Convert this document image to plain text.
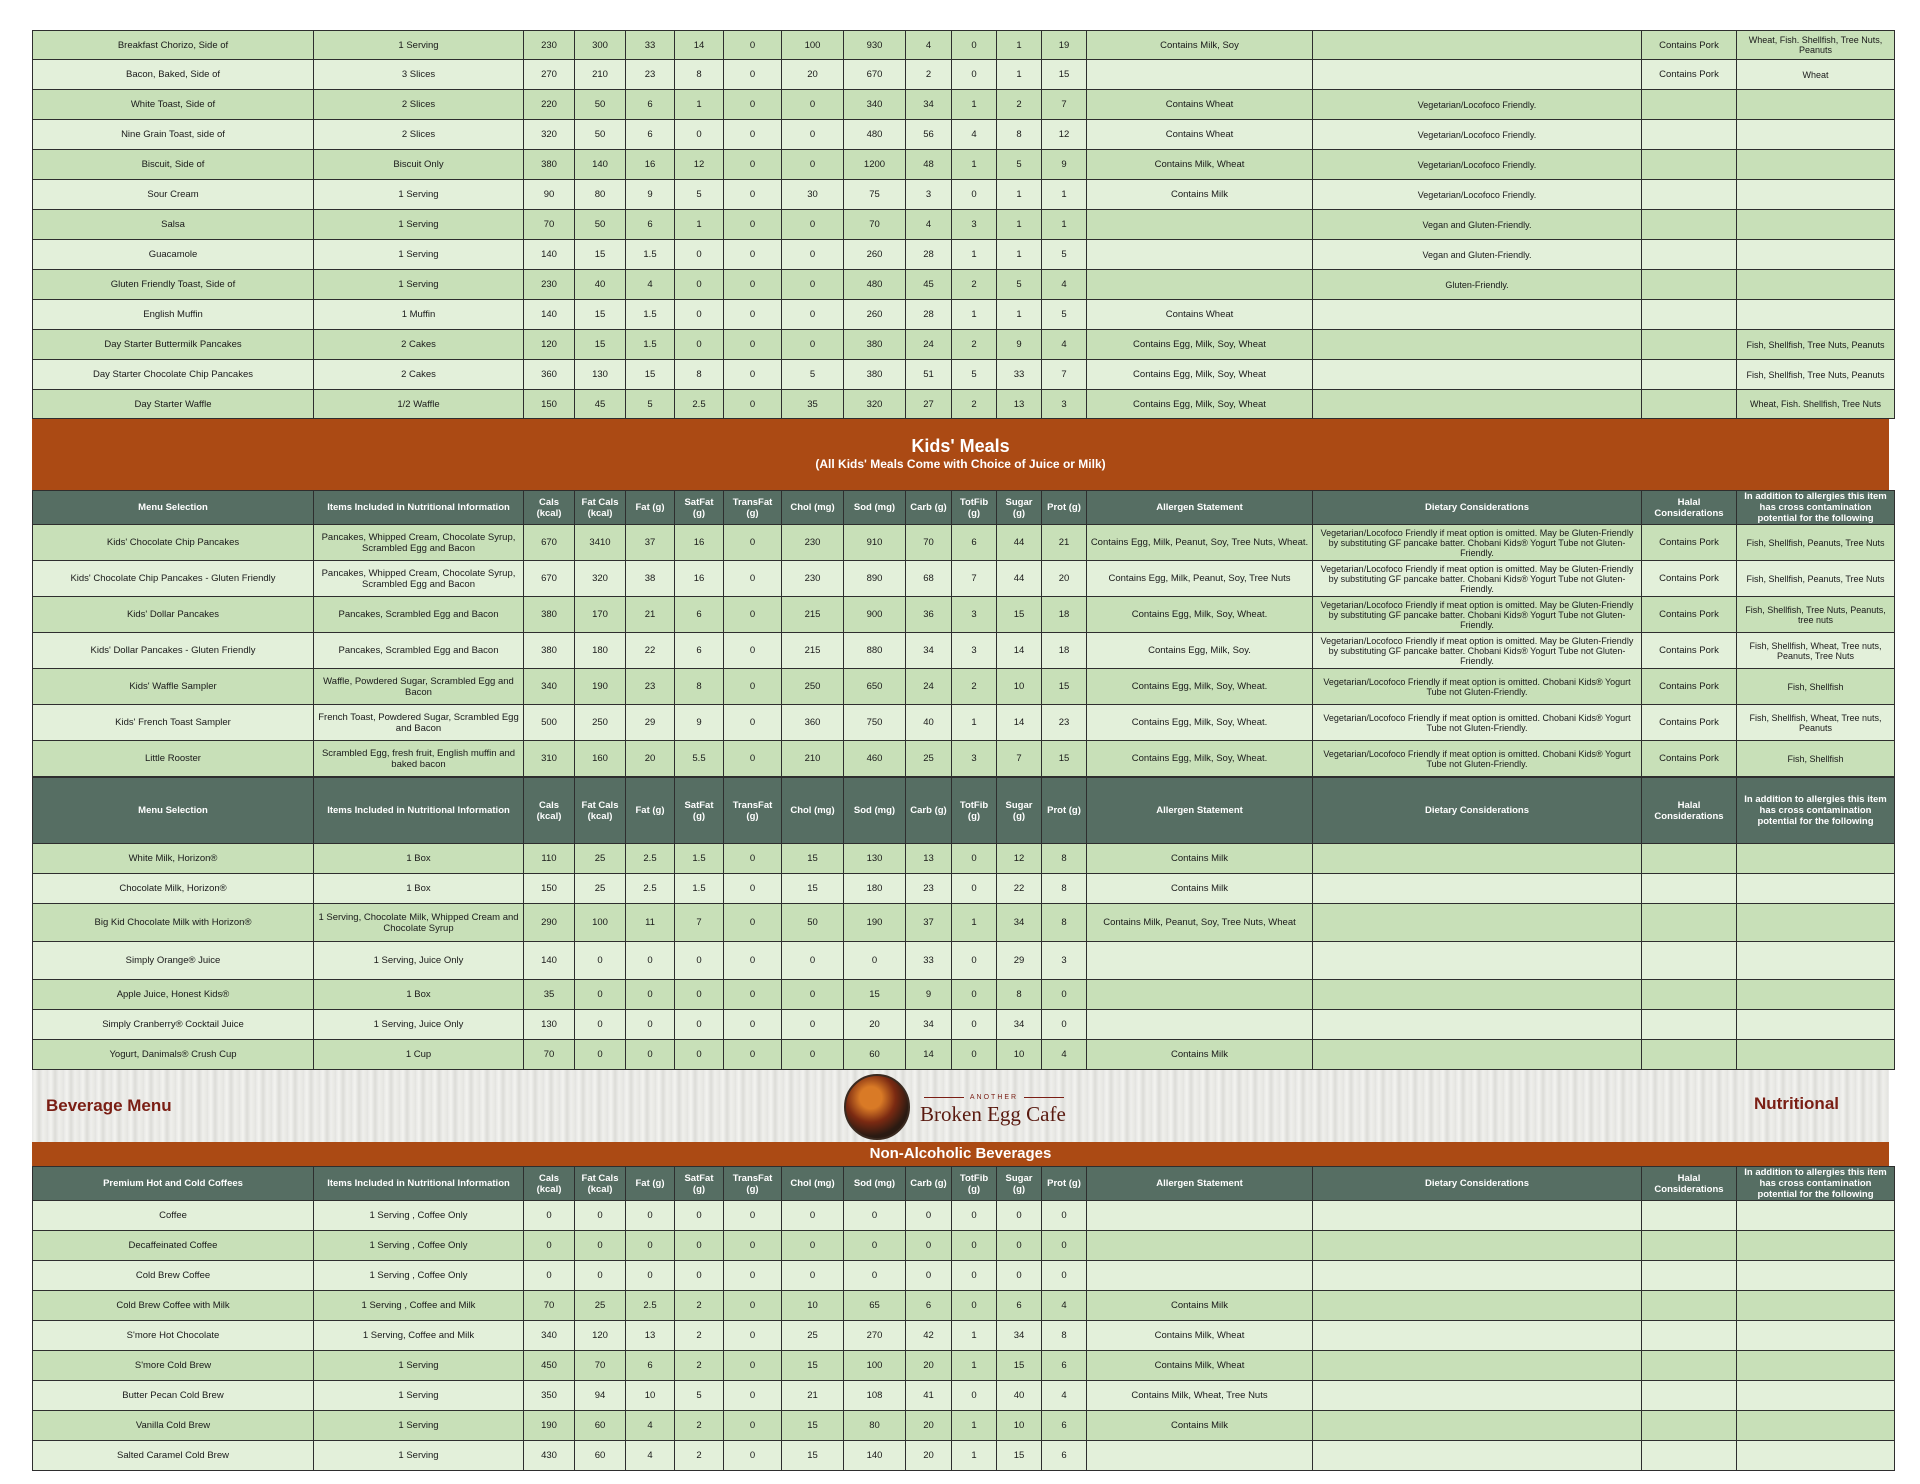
Breakfast Chorizo, Side of	1 Serving	230	300	33	14	0	100	930	4	0	1	19	Contains Milk, Soy		Contains Pork	Wheat, Fish. Shellfish, Tree Nuts, Peanuts
Bacon, Baked, Side of	3 Slices	270	210	23	8	0	20	670	2	0	1	15			Contains Pork	Wheat
White Toast, Side of	2 Slices	220	50	6	1	0	0	340	34	1	2	7	Contains Wheat	Vegetarian/Locofoco Friendly.		
Nine Grain Toast, side of	2 Slices	320	50	6	0	0	0	480	56	4	8	12	Contains Wheat	Vegetarian/Locofoco Friendly.		
Biscuit, Side of	Biscuit Only	380	140	16	12	0	0	1200	48	1	5	9	Contains Milk, Wheat	Vegetarian/Locofoco Friendly.		
Sour Cream	1 Serving	90	80	9	5	0	30	75	3	0	1	1	Contains Milk	Vegetarian/Locofoco Friendly.		
Salsa	1 Serving	70	50	6	1	0	0	70	4	3	1	1		Vegan and Gluten-Friendly.		
Guacamole	1 Serving	140	15	1.5	0	0	0	260	28	1	1	5		Vegan and Gluten-Friendly.		
Gluten Friendly Toast, Side of	1 Serving	230	40	4	0	0	0	480	45	2	5	4		Gluten-Friendly.		
English Muffin	1 Muffin	140	15	1.5	0	0	0	260	28	1	1	5	Contains Wheat			
Day Starter Buttermilk Pancakes	2 Cakes	120	15	1.5	0	0	0	380	24	2	9	4	Contains Egg, Milk, Soy, Wheat			Fish, Shellfish, Tree Nuts, Peanuts
Day Starter Chocolate Chip Pancakes	2 Cakes	360	130	15	8	0	5	380	51	5	33	7	Contains Egg, Milk, Soy, Wheat			Fish, Shellfish, Tree Nuts, Peanuts
Day Starter Waffle	1/2 Waffle	150	45	5	2.5	0	35	320	27	2	13	3	Contains Egg, Milk, Soy, Wheat			Wheat, Fish. Shellfish, Tree Nuts
Kids' Meals
(All Kids' Meals Come with Choice of Juice or Milk)
Menu Selection	Items Included in Nutritional Information	Cals (kcal)	Fat Cals (kcal)	Fat (g)	SatFat (g)	TransFat (g)	Chol (mg)	Sod (mg)	Carb (g)	TotFib (g)	Sugar (g)	Prot (g)	Allergen Statement	Dietary Considerations	Halal Considerations	In addition to allergies this item has cross contamination potential for the following
Kids' Chocolate Chip Pancakes	Pancakes, Whipped Cream, Chocolate Syrup, Scrambled Egg and Bacon	670	3410	37	16	0	230	910	70	6	44	21	Contains Egg, Milk, Peanut, Soy, Tree Nuts, Wheat.	Vegetarian/Locofoco Friendly if meat option is omitted. May be Gluten-Friendly by substituting GF pancake batter. Chobani Kids® Yogurt Tube not Gluten-Friendly.	Contains Pork	Fish, Shellfish, Peanuts, Tree Nuts
Kids' Chocolate Chip Pancakes - Gluten Friendly	Pancakes, Whipped Cream, Chocolate Syrup, Scrambled Egg and Bacon	670	320	38	16	0	230	890	68	7	44	20	Contains Egg, Milk, Peanut, Soy, Tree Nuts	Vegetarian/Locofoco Friendly if meat option is omitted. May be Gluten-Friendly by substituting GF pancake batter. Chobani Kids® Yogurt Tube not Gluten-Friendly.	Contains Pork	Fish, Shellfish, Peanuts, Tree Nuts
Kids' Dollar Pancakes	Pancakes, Scrambled Egg and Bacon	380	170	21	6	0	215	900	36	3	15	18	Contains Egg, Milk, Soy, Wheat.	Vegetarian/Locofoco Friendly if meat option is omitted. May be Gluten-Friendly by substituting GF pancake batter. Chobani Kids® Yogurt Tube not Gluten-Friendly.	Contains Pork	Fish, Shellfish, Tree Nuts, Peanuts, tree nuts
Kids' Dollar Pancakes - Gluten Friendly	Pancakes, Scrambled Egg and Bacon	380	180	22	6	0	215	880	34	3	14	18	Contains Egg, Milk, Soy.	Vegetarian/Locofoco Friendly if meat option is omitted. May be Gluten-Friendly by substituting GF pancake batter. Chobani Kids® Yogurt Tube not Gluten-Friendly.	Contains Pork	Fish, Shellfish, Wheat, Tree nuts, Peanuts, Tree Nuts
Kids' Waffle Sampler	Waffle, Powdered Sugar, Scrambled Egg and Bacon	340	190	23	8	0	250	650	24	2	10	15	Contains Egg, Milk, Soy, Wheat.	Vegetarian/Locofoco Friendly if meat option is omitted. Chobani Kids® Yogurt Tube not Gluten-Friendly.	Contains Pork	Fish, Shellfish
Kids' French Toast Sampler	French Toast, Powdered Sugar, Scrambled Egg and Bacon	500	250	29	9	0	360	750	40	1	14	23	Contains Egg, Milk, Soy, Wheat.	Vegetarian/Locofoco Friendly if meat option is omitted. Chobani Kids® Yogurt Tube not Gluten-Friendly.	Contains Pork	Fish, Shellfish, Wheat, Tree nuts, Peanuts
Little Rooster	Scrambled Egg, fresh fruit, English muffin and baked bacon	310	160	20	5.5	0	210	460	25	3	7	15	Contains Egg, Milk, Soy, Wheat.	Vegetarian/Locofoco Friendly if meat option is omitted. Chobani Kids® Yogurt Tube not Gluten-Friendly.	Contains Pork	Fish, Shellfish
Menu Selection	Items Included in Nutritional Information	Cals (kcal)	Fat Cals (kcal)	Fat (g)	SatFat (g)	TransFat (g)	Chol (mg)	Sod (mg)	Carb (g)	TotFib (g)	Sugar (g)	Prot (g)	Allergen Statement	Dietary Considerations	Halal Considerations	In addition to allergies this item has cross contamination potential for the following
White Milk, Horizon®	1 Box	110	25	2.5	1.5	0	15	130	13	0	12	8	Contains Milk			
Chocolate Milk, Horizon®	1 Box	150	25	2.5	1.5	0	15	180	23	0	22	8	Contains Milk			
Big Kid Chocolate Milk with Horizon®	1 Serving, Chocolate Milk, Whipped Cream and Chocolate Syrup	290	100	11	7	0	50	190	37	1	34	8	Contains Milk, Peanut, Soy, Tree Nuts, Wheat			
Simply Orange® Juice	1 Serving, Juice Only	140	0	0	0	0	0	0	33	0	29	3				
Apple Juice, Honest Kids®	1 Box	35	0	0	0	0	0	15	9	0	8	0				
Simply Cranberry® Cocktail Juice	1 Serving, Juice Only	130	0	0	0	0	0	20	34	0	34	0				
Yogurt, Danimals® Crush Cup	1 Cup	70	0	0	0	0	0	60	14	0	10	4	Contains Milk			
Beverage Menu	ANOTHER
Broken Egg Cafe	Nutritional
Non-Alcoholic Beverages
Premium Hot and Cold Coffees	Items Included in Nutritional Information	Cals (kcal)	Fat Cals (kcal)	Fat (g)	SatFat (g)	TransFat (g)	Chol (mg)	Sod (mg)	Carb (g)	TotFib (g)	Sugar (g)	Prot (g)	Allergen Statement	Dietary Considerations	Halal Considerations	In addition to allergies this item has cross contamination potential for the following
Coffee	1 Serving , Coffee Only	0	0	0	0	0	0	0	0	0	0	0				
Decaffeinated Coffee	1 Serving , Coffee Only	0	0	0	0	0	0	0	0	0	0	0				
Cold Brew Coffee	1 Serving , Coffee Only	0	0	0	0	0	0	0	0	0	0	0				
Cold Brew Coffee with Milk	1 Serving , Coffee and Milk	70	25	2.5	2	0	10	65	6	0	6	4	Contains Milk			
S'more Hot Chocolate	1 Serving, Coffee and Milk	340	120	13	2	0	25	270	42	1	34	8	Contains Milk, Wheat			
S'more Cold Brew	1 Serving	450	70	6	2	0	15	100	20	1	15	6	Contains Milk, Wheat			
Butter Pecan Cold Brew	1 Serving	350	94	10	5	0	21	108	41	0	40	4	Contains Milk, Wheat, Tree Nuts			
Vanilla Cold Brew	1 Serving	190	60	4	2	0	15	80	20	1	10	6	Contains Milk			
Salted Caramel Cold Brew	1 Serving	430	60	4	2	0	15	140	20	1	15	6				
